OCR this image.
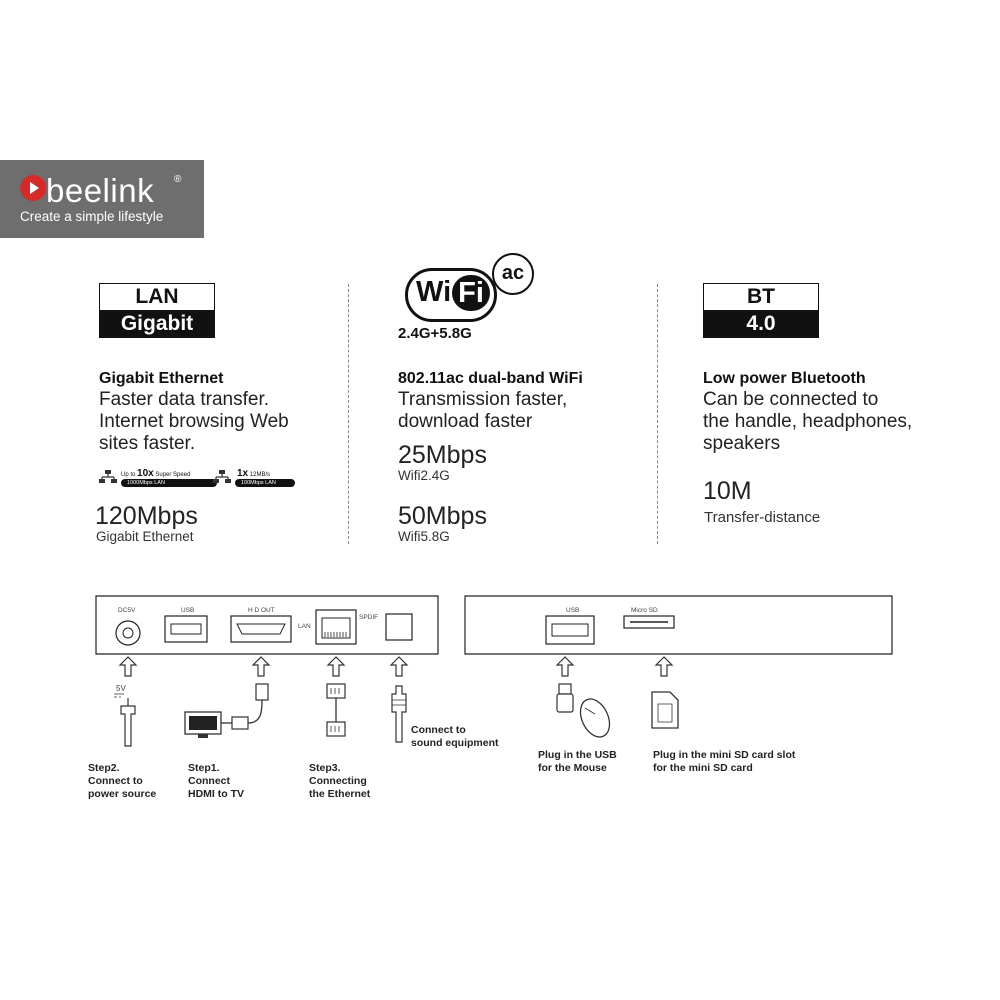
beelink ®
Create a simple lifestyle
LAN
Gigabit
Gigabit Ethernet
Faster data transfer.
Internet browsing Web
sites faster.
Up to 10x Super Speed
1000Mbps LAN
1x 12MB/s
100Mbps LAN
120Mbps
Gigabit Ethernet
Wi Fi
ac
2.4G+5.8G
802.11ac dual-band WiFi
Transmission faster,
download faster
25Mbps
Wifi2.4G
50Mbps
Wifi5.8G
BT
4.0
Low power Bluetooth
Can be connected to
the handle, headphones,
speakers
10M
Transfer-distance
DC5V	USB	H D OUT
LAN
SPDIF
5V
USB	Micro SD
Step2.
Connect to
power source
Step1.
Connect
HDMI to TV
Step3.
Connecting
the Ethernet
Connect to
sound equipment
Plug in the USB
for the Mouse
Plug in the mini SD card slot
for the mini SD card
